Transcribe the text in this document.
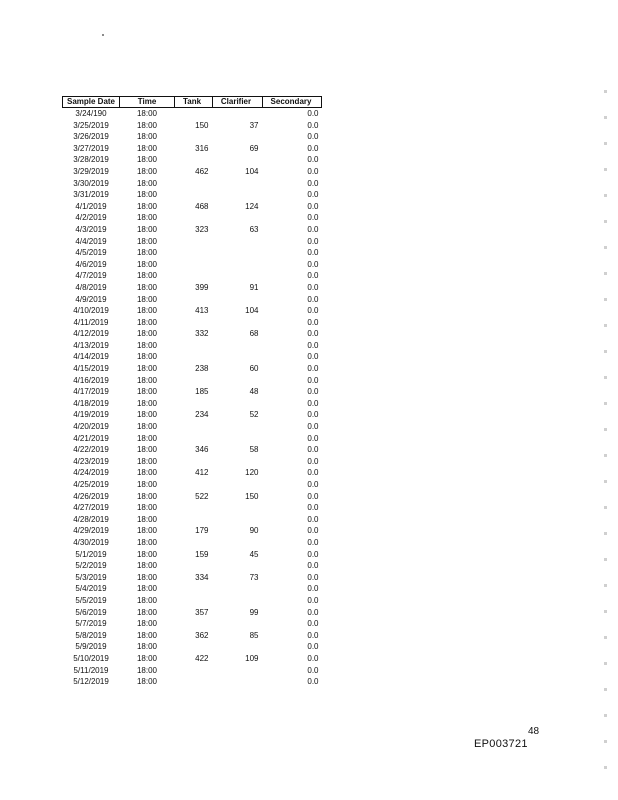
Sample Date	Time	Tank	Clarifier	Secondary
3/24/190	18:00			0.0
3/25/2019	18:00	150	37	0.0
3/26/2019	18:00			0.0
3/27/2019	18:00	316	69	0.0
3/28/2019	18:00			0.0
3/29/2019	18:00	462	104	0.0
3/30/2019	18:00			0.0
3/31/2019	18:00			0.0
4/1/2019	18:00	468	124	0.0
4/2/2019	18:00			0.0
4/3/2019	18:00	323	63	0.0
4/4/2019	18:00			0.0
4/5/2019	18:00			0.0
4/6/2019	18:00			0.0
4/7/2019	18:00			0.0
4/8/2019	18:00	399	91	0.0
4/9/2019	18:00			0.0
4/10/2019	18:00	413	104	0.0
4/11/2019	18:00			0.0
4/12/2019	18:00	332	68	0.0
4/13/2019	18:00			0.0
4/14/2019	18:00			0.0
4/15/2019	18:00	238	60	0.0
4/16/2019	18:00			0.0
4/17/2019	18:00	185	48	0.0
4/18/2019	18:00			0.0
4/19/2019	18:00	234	52	0.0
4/20/2019	18:00			0.0
4/21/2019	18:00			0.0
4/22/2019	18:00	346	58	0.0
4/23/2019	18:00			0.0
4/24/2019	18:00	412	120	0.0
4/25/2019	18:00			0.0
4/26/2019	18:00	522	150	0.0
4/27/2019	18:00			0.0
4/28/2019	18:00			0.0
4/29/2019	18:00	179	90	0.0
4/30/2019	18:00			0.0
5/1/2019	18:00	159	45	0.0
5/2/2019	18:00			0.0
5/3/2019	18:00	334	73	0.0
5/4/2019	18:00			0.0
5/5/2019	18:00			0.0
5/6/2019	18:00	357	99	0.0
5/7/2019	18:00			0.0
5/8/2019	18:00	362	85	0.0
5/9/2019	18:00			0.0
5/10/2019	18:00	422	109	0.0
5/11/2019	18:00			0.0
5/12/2019	18:00			0.0
48
EP003721
